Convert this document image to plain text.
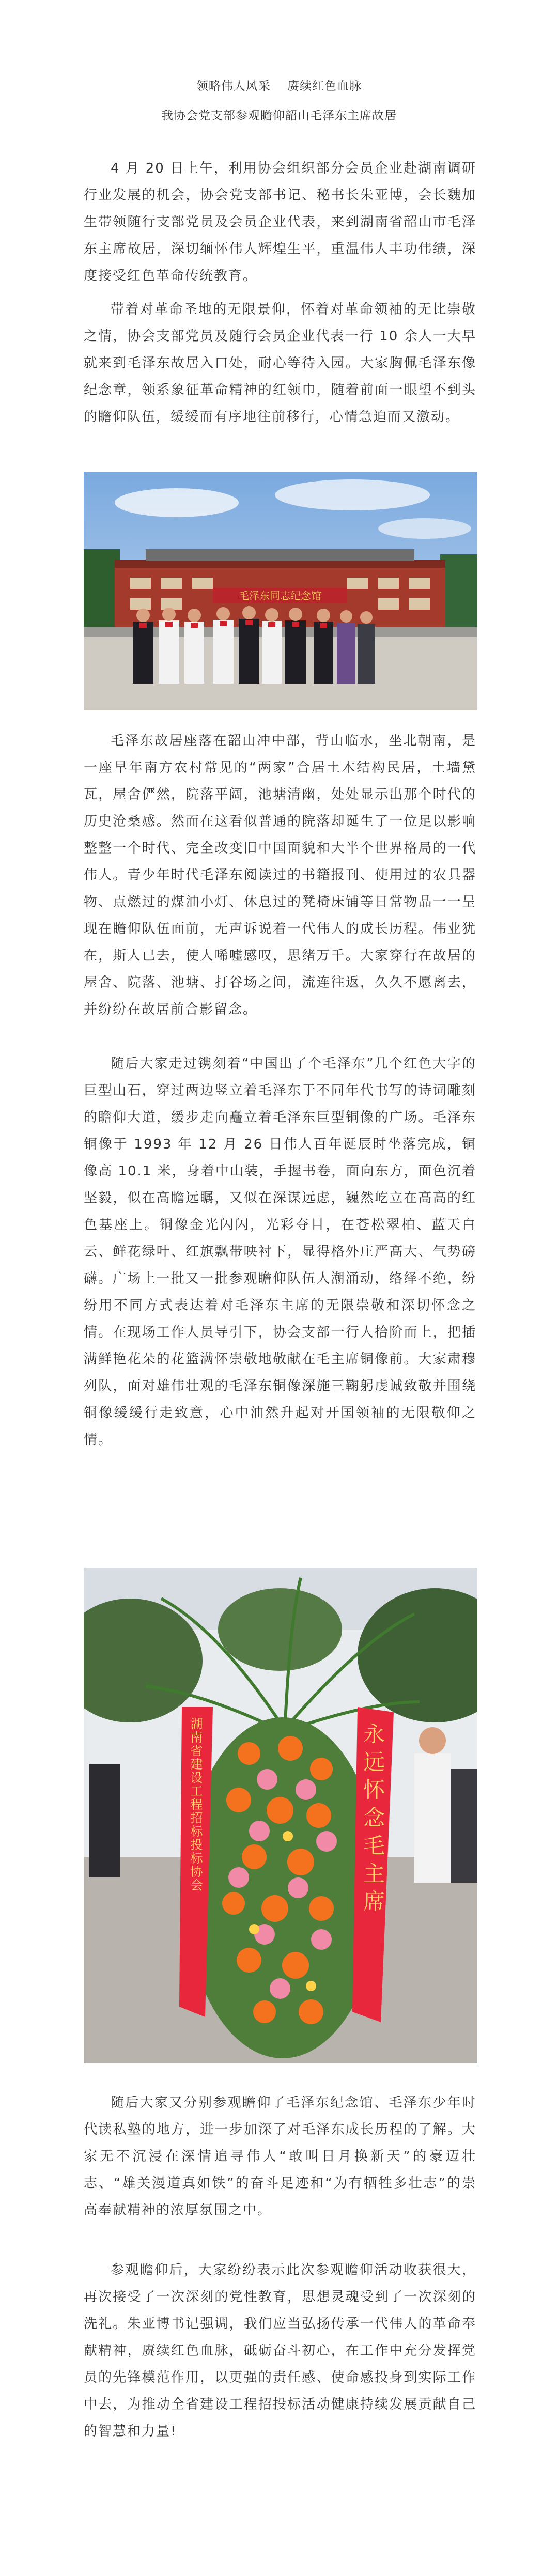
领略伟人风采　 赓续红色血脉
我协会党支部参观瞻仰韶山毛泽东主席故居

4 月 20 日上午，利用协会组织部分会员企业赴湖南调研行业发展的机会，协会党支部书记、秘书长朱亚博，会长魏加生带领随行支部党员及会员企业代表，来到湖南省韶山市毛泽东主席故居，深切缅怀伟人辉煌生平，重温伟人丰功伟绩，深度接受红色革命传统教育。

带着对革命圣地的无限景仰，怀着对革命领袖的无比崇敬之情，协会支部党员及随行会员企业代表一行 10 余人一大早就来到毛泽东故居入口处，耐心等待入园。大家胸佩毛泽东像纪念章，领系象征革命精神的红领巾，随着前面一眼望不到头的瞻仰队伍，缓缓而有序地往前移行，心情急迫而又激动。

毛泽东同志纪念馆

毛泽东故居座落在韶山冲中部，背山临水，坐北朝南，是一座早年南方农村常见的“两家”合居土木结构民居，土墙黛瓦，屋舍俨然，院落平阔，池塘清幽，处处显示出那个时代的历史沧桑感。然而在这看似普通的院落却诞生了一位足以影响整整一个时代、完全改变旧中国面貌和大半个世界格局的一代伟人。青少年时代毛泽东阅读过的书籍报刊、使用过的农具器物、点燃过的煤油小灯、休息过的凳椅床铺等日常物品一一呈现在瞻仰队伍面前，无声诉说着一代伟人的成长历程。伟业犹在，斯人已去，使人唏嘘感叹，思绪万千。大家穿行在故居的屋舍、院落、池塘、打谷场之间，流连往返，久久不愿离去，并纷纷在故居前合影留念。

随后大家走过镌刻着“中国出了个毛泽东”几个红色大字的巨型山石，穿过两边竖立着毛泽东于不同年代书写的诗词雕刻的瞻仰大道，缓步走向矗立着毛泽东巨型铜像的广场。毛泽东铜像于 1993 年 12 月 26 日伟人百年诞辰时坐落完成，铜像高 10.1 米，身着中山装，手握书卷，面向东方，面色沉着坚毅，似在高瞻远瞩，又似在深谋远虑，巍然屹立在高高的红色基座上。铜像金光闪闪，光彩夺目，在苍松翠柏、蓝天白云、鲜花绿叶、红旗飘带映衬下，显得格外庄严高大、气势磅礴。广场上一批又一批参观瞻仰队伍人潮涌动，络绎不绝，纷纷用不同方式表达着对毛泽东主席的无限崇敬和深切怀念之情。在现场工作人员导引下，协会支部一行人拾阶而上，把插满鲜艳花朵的花篮满怀崇敬地敬献在毛主席铜像前。大家肃穆列队，面对雄伟壮观的毛泽东铜像深施三鞠躬虔诚致敬并围绕铜像缓缓行走致意，心中油然升起对开国领袖的无限敬仰之情。

湖南省建设工程招标投标协会	永远怀念毛主席

随后大家又分别参观瞻仰了毛泽东纪念馆、毛泽东少年时代读私塾的地方，进一步加深了对毛泽东成长历程的了解。大家无不沉浸在深情追寻伟人“敢叫日月换新天”的豪迈壮志、“雄关漫道真如铁”的奋斗足迹和“为有牺牲多壮志”的崇高奉献精神的浓厚氛围之中。

参观瞻仰后，大家纷纷表示此次参观瞻仰活动收获很大，再次接受了一次深刻的党性教育，思想灵魂受到了一次深刻的洗礼。朱亚博书记强调，我们应当弘扬传承一代伟人的革命奉献精神，赓续红色血脉，砥砺奋斗初心，在工作中充分发挥党员的先锋模范作用，以更强的责任感、使命感投身到实际工作中去，为推动全省建设工程招投标活动健康持续发展贡献自己的智慧和力量!
